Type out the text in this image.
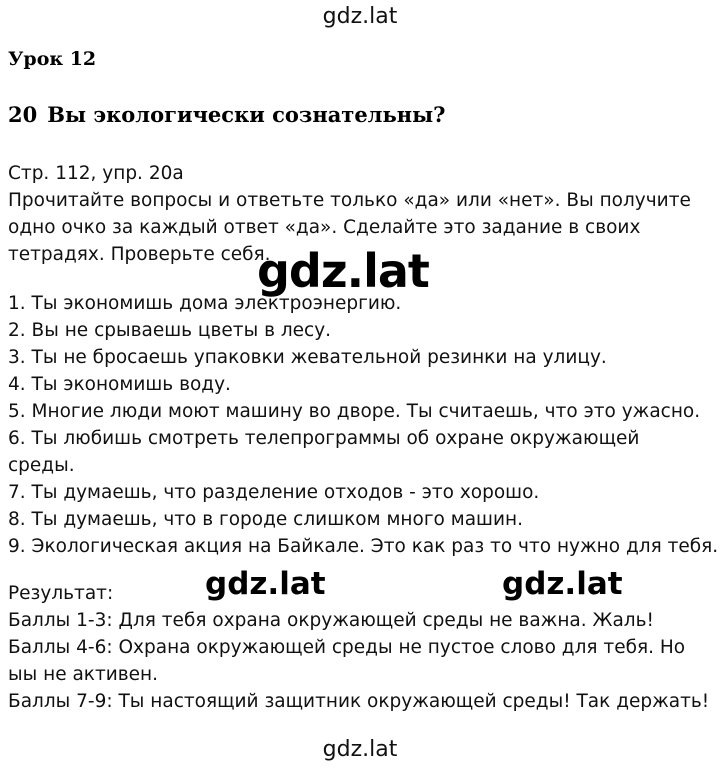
gdz.lat
Урок 12
20 Вы экологически сознательны?
Стр. 112, упр. 20а
Прочитайте вопросы и ответьте только «да» или «нет». Вы получите
одно очко за каждый ответ «да». Сделайте это задание в своих
тетрадях. Проверьте себя.
1. Ты экономишь дома электроэнергию.
2. Вы не срываешь цветы в лесу.
3. Ты не бросаешь упаковки жевательной резинки на улицу.
4. Ты экономишь воду.
5. Многие люди моют машину во дворе. Ты считаешь, что это ужасно.
6. Ты любишь смотреть телепрограммы об охране окружающей
среды.
7. Ты думаешь, что разделение отходов - это хорошо.
8. Ты думаешь, что в городе слишком много машин.
9. Экологическая акция на Байкале. Это как раз то что нужно для тебя.
Результат:
Баллы 1-3: Для тебя охрана окружающей среды не важна. Жаль!
Баллы 4-6: Охрана окружающей среды не пустое слово для тебя. Но
ыы не активен.
Баллы 7-9: Ты настоящий защитник окружающей среды! Так держать!
gdz.lat
gdz.lat	gdz.lat
gdz.lat
